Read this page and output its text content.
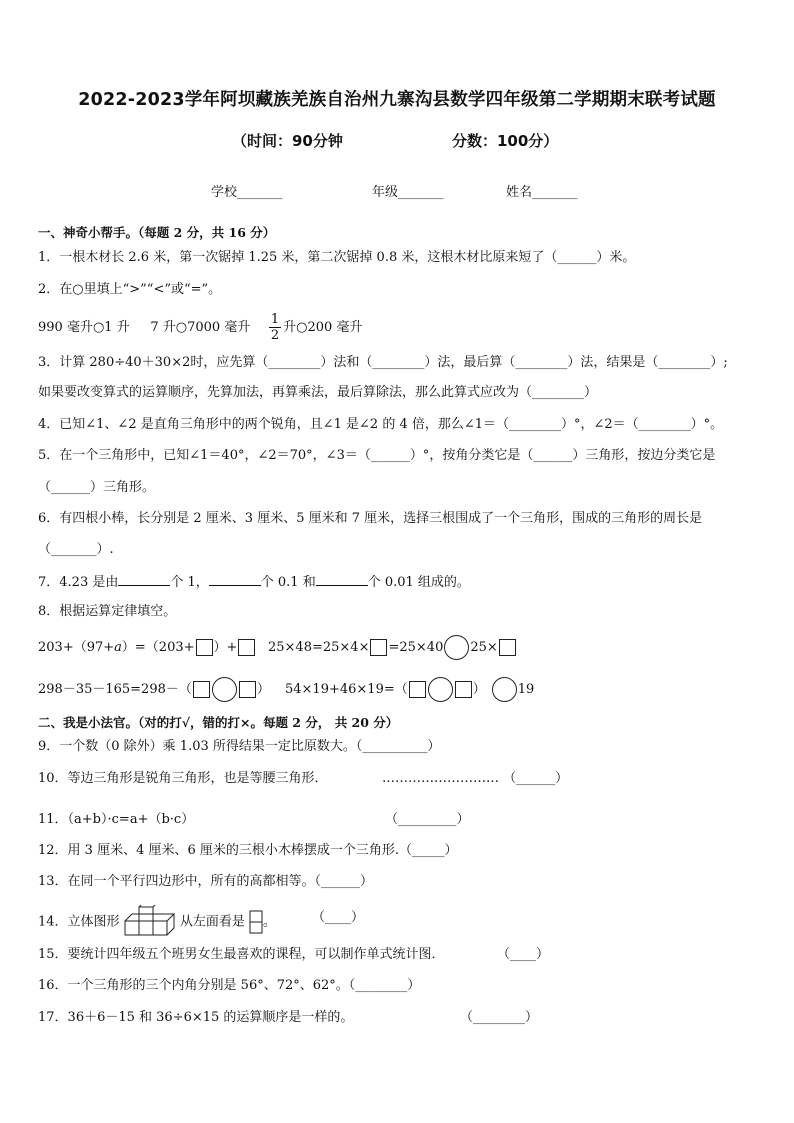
2022-2023学年阿坝藏族羌族自治州九寨沟县数学四年级第二学期期末联考试题
（时间：90分钟	分数：100分）
学校_______	年级_______	姓名_______
一、神奇小帮手。（每题 2 分，共 16 分）
1．一根木材长 2.6 米，第一次锯掉 1.25 米，第二次锯掉 0.8 米，这根木材比原来短了（______）米。
2．在○里填上“>”“<”或“=”。
990 毫升○1 升 7 升○7000 毫升 $\frac{1}{2}$ 升○200 毫升
3．计算 280÷40＋30×2时，应先算（________）法和（________）法，最后算（________）法，结果是（________）;
如果要改变算式的运算顺序，先算加法，再算乘法，最后算除法，那么此算式应改为（________）
4．已知∠1、∠2 是直角三角形中的两个锐角，且∠1 是∠2 的 4 倍，那么∠1＝（________）°，∠2＝（________）°。
5．在一个三角形中，已知∠1＝40°，∠2＝70°，∠3＝（______）°，按角分类它是（______）三角形，按边分类它是
（______）三角形。
6．有四根小棒，长分别是 2 厘米、3 厘米、5 厘米和 7 厘米，选择三根围成了一个三角形，围成的三角形的周长是
（_______）.
7．4.23 是由	个 1，	个 0.1 和	个 0.01 组成的。
8．根据运算定律填空。
203+（97+a）=（203+ ）+	25×48=25×4× =25×40 25×
298－35－165=298－（	） 54×19+46×19=（	） 19
二、我是小法官。（对的打√，错的打×。每题 2 分， 共 20 分）
9．一个数（0 除外）乘 1.03 所得结果一定比原数大。（__________）
10．等边三角形是锐角三角形，也是等腰三角形．	……………………… （______）
11．（a+b）·c=a+（b·c）	（_________）
12．用 3 厘米、4 厘米、6 厘米的三根小木棒摆成一个三角形.（_____）
13．在同一个平行四边形中，所有的高都相等。（______）
14．立体图形	从左面看是 。	（____）
15．要统计四年级五个班男女生最喜欢的课程，可以制作单式统计图．	（____）
16．一个三角形的三个内角分别是 56°、72°、62°。（________）
17．36＋6－15 和 36÷6×15 的运算顺序是一样的。	（________）
